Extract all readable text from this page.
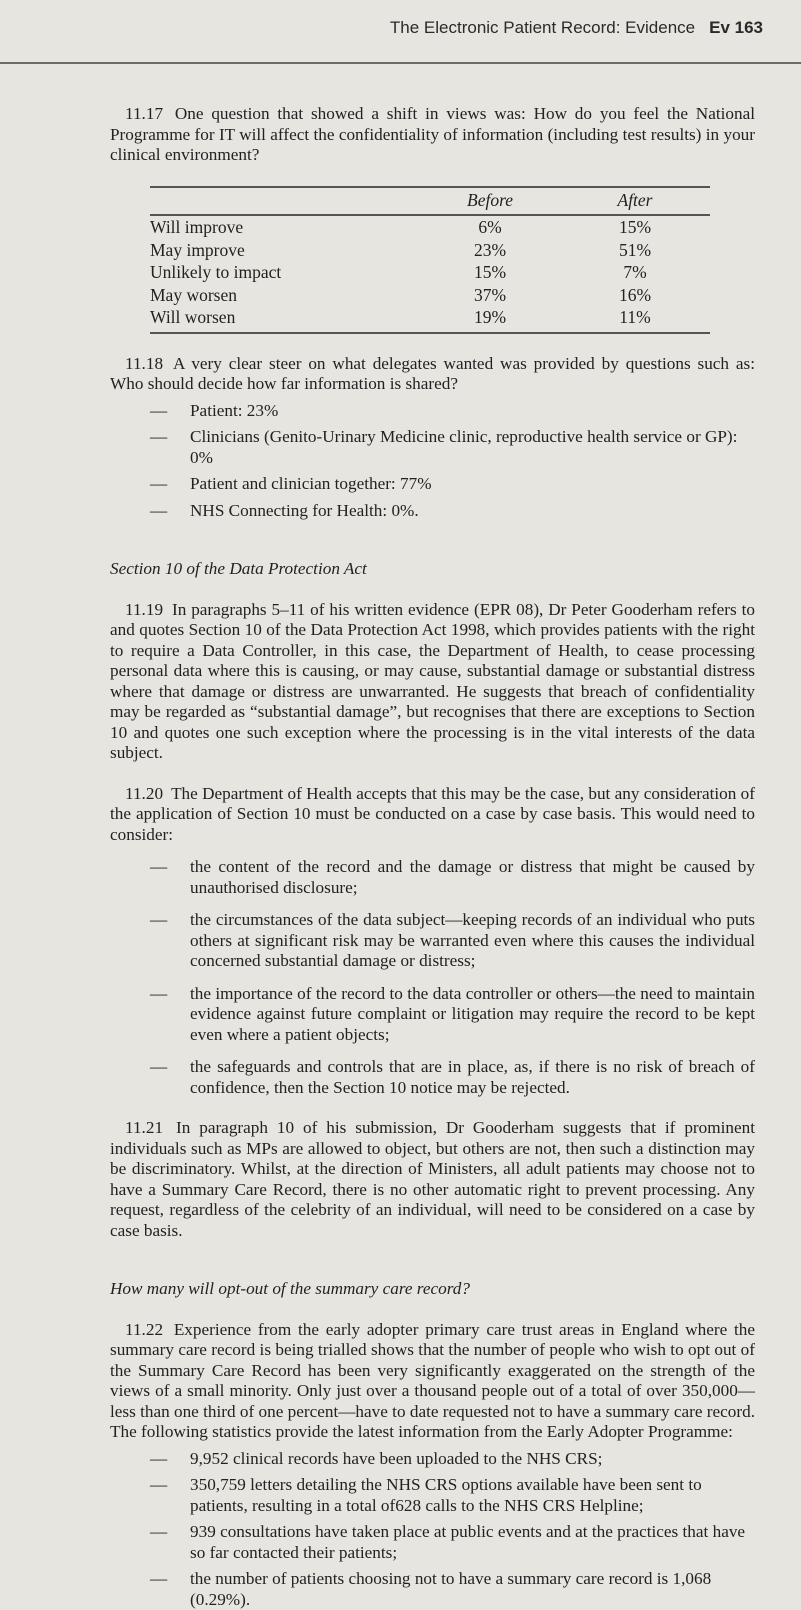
The Electronic Patient Record: Evidence Ev 163

11.17 One question that showed a shift in views was: How do you feel the National Programme for IT will affect the confidentiality of information (including test results) in your clinical environment?

	Before	After
Will improve	6%	15%
May improve	23%	51%
Unlikely to impact	15%	7%
May worsen	37%	16%
Will worsen	19%	11%

11.18 A very clear steer on what delegates wanted was provided by questions such as: Who should decide how far information is shared?

— Patient: 23%
— Clinicians (Genito-Urinary Medicine clinic, reproductive health service or GP): 0%
— Patient and clinician together: 77%
— NHS Connecting for Health: 0%.

Section 10 of the Data Protection Act

11.19 In paragraphs 5–11 of his written evidence (EPR 08), Dr Peter Gooderham refers to and quotes Section 10 of the Data Protection Act 1998, which provides patients with the right to require a Data Controller, in this case, the Department of Health, to cease processing personal data where this is causing, or may cause, substantial damage or substantial distress where that damage or distress are unwarranted. He suggests that breach of confidentiality may be regarded as “substantial damage”, but recognises that there are exceptions to Section 10 and quotes one such exception where the processing is in the vital interests of the data subject.

11.20 The Department of Health accepts that this may be the case, but any consideration of the application of Section 10 must be conducted on a case by case basis. This would need to consider:

— the content of the record and the damage or distress that might be caused by unauthorised disclosure;
— the circumstances of the data subject—keeping records of an individual who puts others at significant risk may be warranted even where this causes the individual concerned substantial damage or distress;
— the importance of the record to the data controller or others—the need to maintain evidence against future complaint or litigation may require the record to be kept even where a patient objects;
— the safeguards and controls that are in place, as, if there is no risk of breach of confidence, then the Section 10 notice may be rejected.

11.21 In paragraph 10 of his submission, Dr Gooderham suggests that if prominent individuals such as MPs are allowed to object, but others are not, then such a distinction may be discriminatory. Whilst, at the direction of Ministers, all adult patients may choose not to have a Summary Care Record, there is no other automatic right to prevent processing. Any request, regardless of the celebrity of an individual, will need to be considered on a case by case basis.

How many will opt-out of the summary care record?

11.22 Experience from the early adopter primary care trust areas in England where the summary care record is being trialled shows that the number of people who wish to opt out of the Summary Care Record has been very significantly exaggerated on the strength of the views of a small minority. Only just over a thousand people out of a total of over 350,000—less than one third of one percent—have to date requested not to have a summary care record. The following statistics provide the latest information from the Early Adopter Programme:

— 9,952 clinical records have been uploaded to the NHS CRS;
— 350,759 letters detailing the NHS CRS options available have been sent to patients, resulting in a total of628 calls to the NHS CRS Helpline;
— 939 consultations have taken place at public events and at the practices that have so far contacted their patients;
— the number of patients choosing not to have a summary care record is 1,068 (0.29%).
